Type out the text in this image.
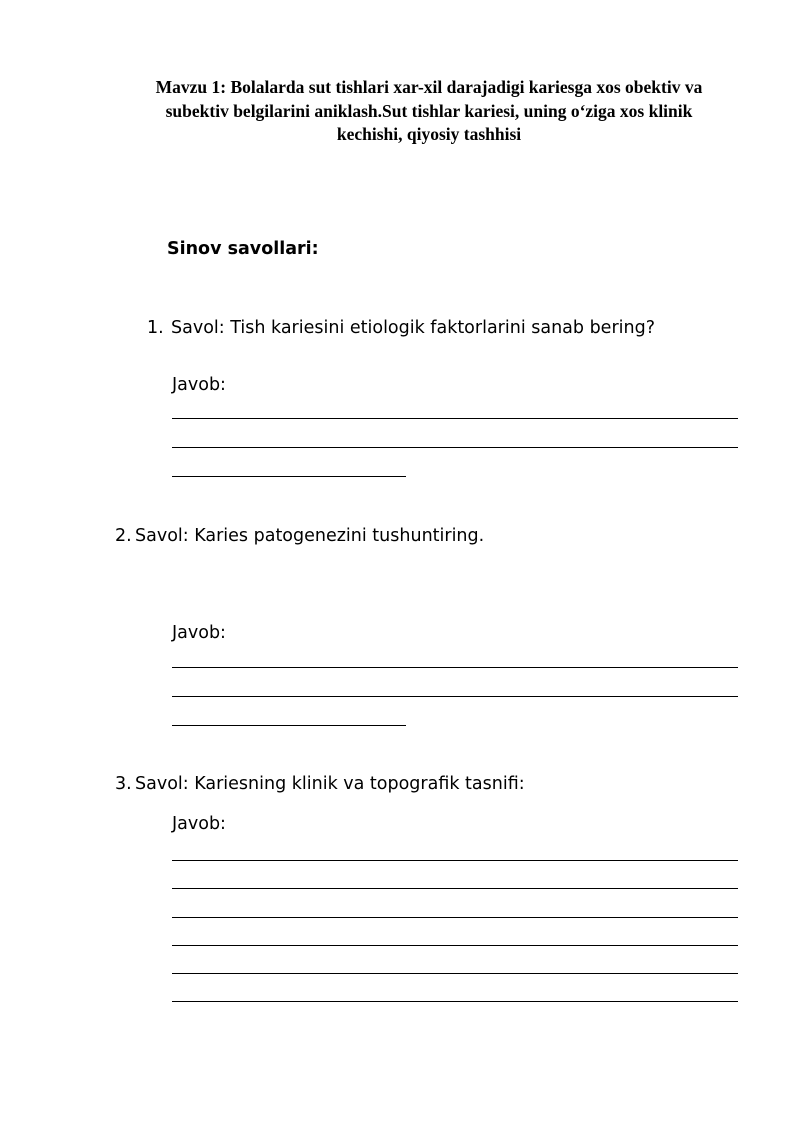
Mavzu 1: Bolalarda sut tishlari xar-xil darajadigi kariesga xos obektiv va
subektiv belgilarini aniklash.Sut tishlar kariesi, uning o‘ziga xos klinik
kechishi, qiyosiy tashhisi
Sinov savollari:
1. Savol: Tish kariesini etiologik faktorlarini sanab bering?
Javob:
2. Savol: Karies patogenezini tushuntiring.
Javob:
3. Savol: Kariesning klinik va topografik tasnifi:
Javob:
